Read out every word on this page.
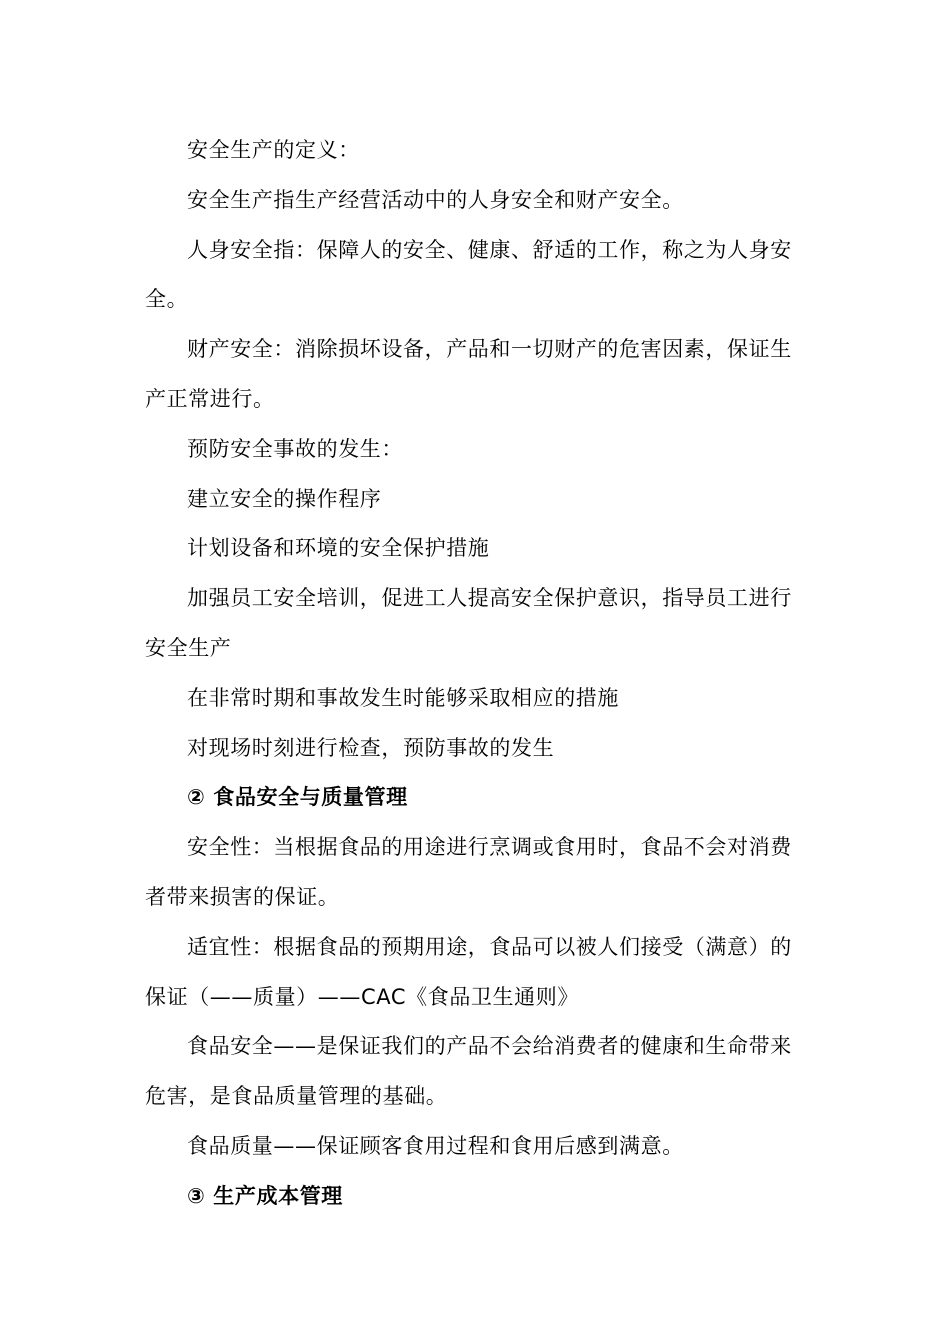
安全生产的定义：

安全生产指生产经营活动中的人身安全和财产安全。

人身安全指：保障人的安全、健康、舒适的工作，称之为人身安全。

财产安全：消除损坏设备，产品和一切财产的危害因素，保证生产正常进行。

预防安全事故的发生：

建立安全的操作程序

计划设备和环境的安全保护措施

加强员工安全培训，促进工人提高安全保护意识，指导员工进行安全生产

在非常时期和事故发生时能够采取相应的措施

对现场时刻进行检查，预防事故的发生

② 食品安全与质量管理

安全性：当根据食品的用途进行烹调或食用时，食品不会对消费者带来损害的保证。

适宜性：根据食品的预期用途，食品可以被人们接受（满意）的保证（——质量）——CAC《食品卫生通则》

食品安全——是保证我们的产品不会给消费者的健康和生命带来危害，是食品质量管理的基础。

食品质量——保证顾客食用过程和食用后感到满意。

③ 生产成本管理
